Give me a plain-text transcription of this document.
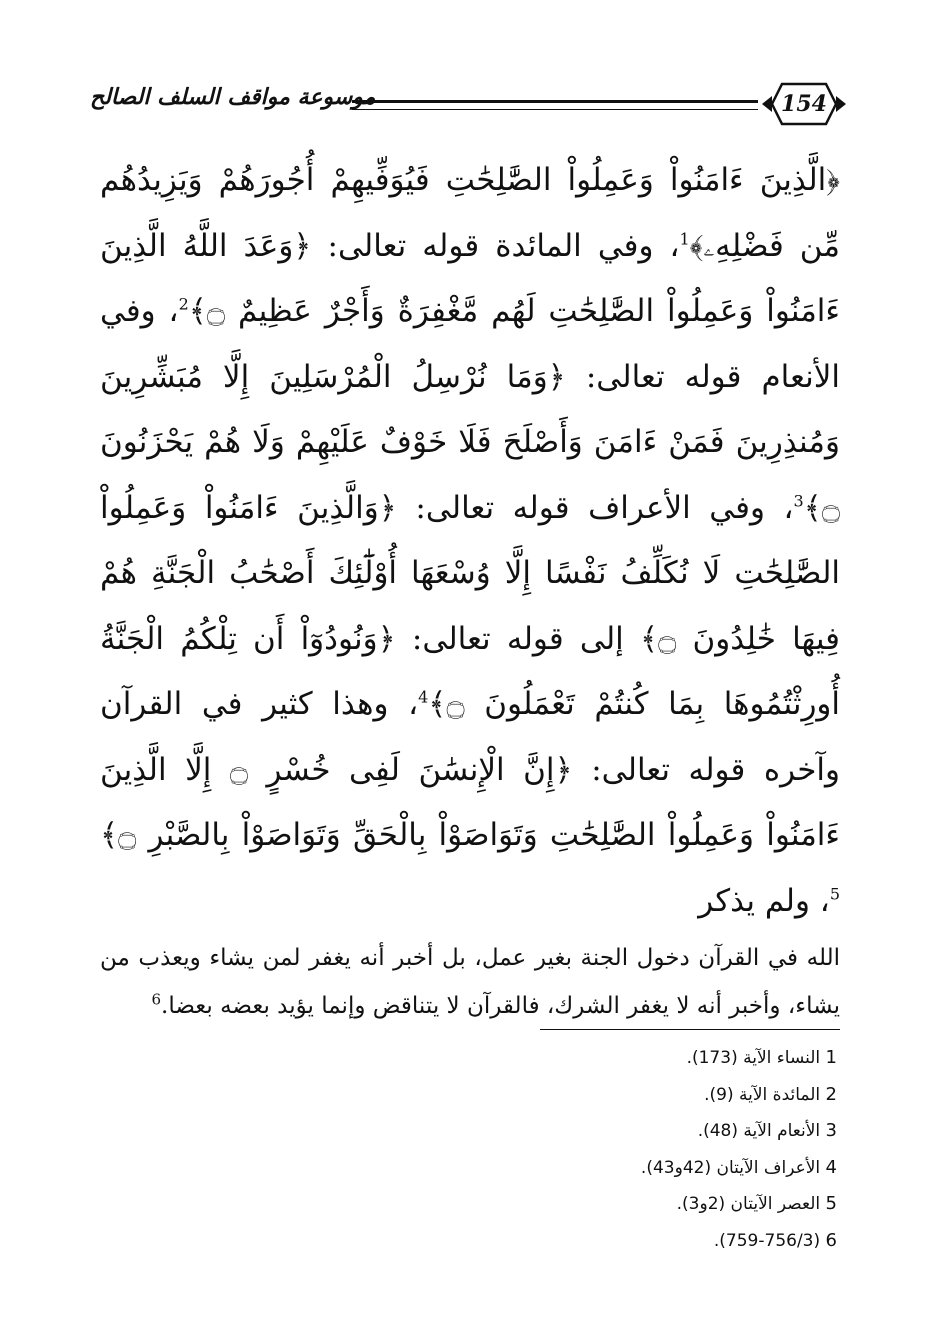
موسوعة مواقف السلف الصالح	154

﴿الَّذِينَ ءَامَنُواْ وَعَمِلُواْ الصَّٰلِحَٰتِ فَيُوَفِّيهِمْ أُجُورَهُمْ وَيَزِيدُهُم مِّن فَضْلِهِۦ﴾$^1$، وفي المائدة قوله تعالى: ﴿وَعَدَ اللَّهُ الَّذِينَ ءَامَنُواْ وَعَمِلُواْ الصَّٰلِحَٰتِ لَهُم مَّغْفِرَةٌ وَأَجْرٌ عَظِيمٌ ۝﴾$^2$، وفي الأنعام قوله تعالى: ﴿وَمَا نُرْسِلُ الْمُرْسَلِينَ إِلَّا مُبَشِّرِينَ وَمُنذِرِينَ فَمَنْ ءَامَنَ وَأَصْلَحَ فَلَا خَوْفٌ عَلَيْهِمْ وَلَا هُمْ يَحْزَنُونَ ۝﴾$^3$، وفي الأعراف قوله تعالى: ﴿وَالَّذِينَ ءَامَنُواْ وَعَمِلُواْ الصَّٰلِحَٰتِ لَا نُكَلِّفُ نَفْسًا إِلَّا وُسْعَهَا أُوْلَٰٓئِكَ أَصْحَٰبُ الْجَنَّةِ هُمْ فِيهَا خَٰلِدُونَ ۝﴾ إلى قوله تعالى: ﴿وَنُودُوٓاْ أَن تِلْكُمُ الْجَنَّةُ أُورِثْتُمُوهَا بِمَا كُنتُمْ تَعْمَلُونَ ۝﴾$^4$، وهذا كثير في القرآن وآخره قوله تعالى: ﴿إِنَّ الْإِنسَٰنَ لَفِى خُسْرٍ ۝ إِلَّا الَّذِينَ ءَامَنُواْ وَعَمِلُواْ الصَّٰلِحَٰتِ وَتَوَاصَوْاْ بِالْحَقِّ وَتَوَاصَوْاْ بِالصَّبْرِ ۝﴾$^5$، ولم يذكر

الله في القرآن دخول الجنة بغير عمل، بل أخبر أنه يغفر لمن يشاء ويعذب من يشاء، وأخبر أنه لا يغفر الشرك، فالقرآن لا يتناقض وإنما يؤيد بعضه بعضا.$^6$

1 النساء الآية (173).
2 المائدة الآية (9).
3 الأنعام الآية (48).
4 الأعراف الآيتان (42و43).
5 العصر الآيتان (2و3).
6 (759-756/3).
